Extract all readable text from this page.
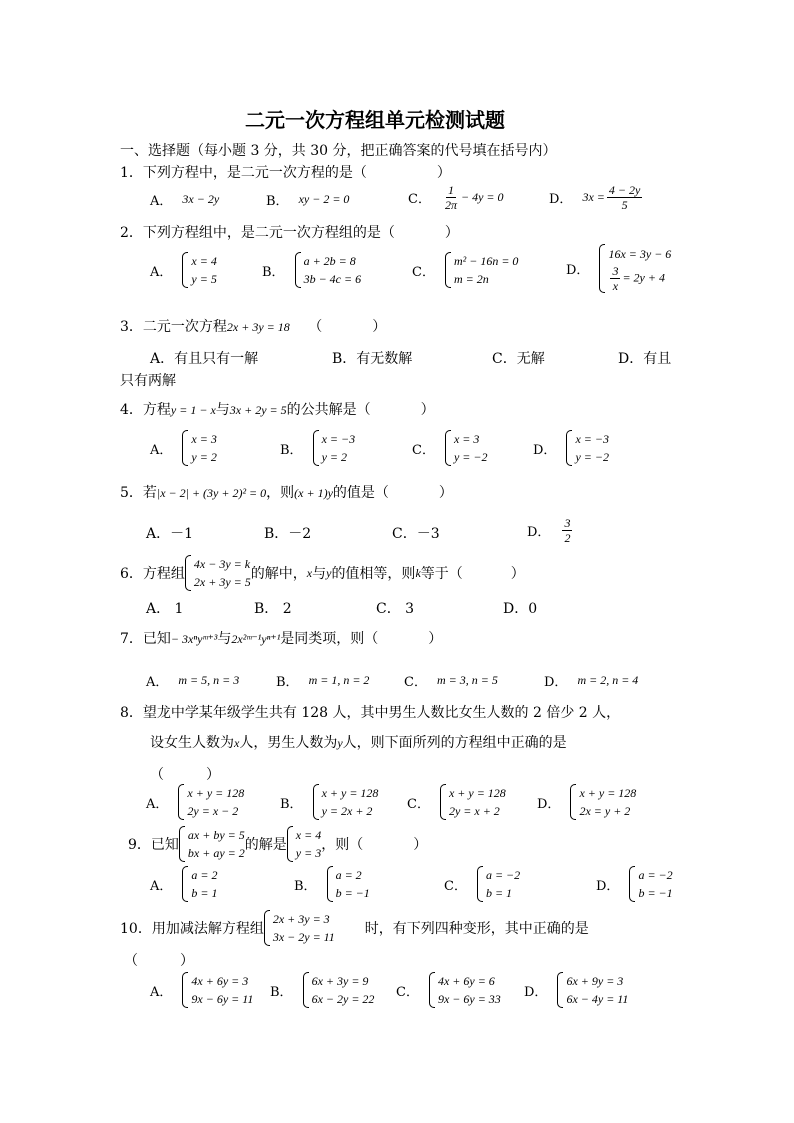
二元一次方程组单元检测试题
一、选择题（每小题 3 分，共 30 分，把正确答案的代号填在括号内）
1．下列方程中，是二元一次方程的是（	）
A． 3x − 2y	B． xy − 2 = 0	C． $\frac{1}{2\pi} - 4y = 0$	D． $3x = \frac{4 - 2y}{5}$
2．下列方程组中，是二元一次方程组的是（	）
A．
x = 4
y = 5	B．
a + 2b = 8
3b − 4c = 6	C．
m² − 16n = 0
m = 2n
D．
16x = 3y − 6
$\frac{3}{x} = 2y + 4$
3．二元一次方程2x + 3y = 18 （	）
A．有且只有一解	B．有无数解	C．无解	D．有且
只有两解
4．方程y = 1 − x与3x + 2y = 5的公共解是（	）
A．
x = 3
y = 2	B．
x = −3
y = 2	C．
x = 3
y = −2	D．
x = −3
y = −2
5．若|x − 2| + (3y + 2)² = 0，则(x + 1)y的值是（	）
A．－1	B．－2	C．－3	D． $\frac{3}{2}$
6．方程组
4x − 3y = k
2x + 3y = 5 的解中， x 与 y 的值相等，则 k 等于（	）
A． 1	B． 2	C． 3	D．0
7．已知− 3xⁿyᵐ⁺³与2x²ᵐ⁻¹yⁿ⁺¹是同类项，则（	）
A． m = 5, n = 3	B． m = 1, n = 2	C． m = 3, n = 5	D． m = 2, n = 4
8．望龙中学某年级学生共有 128 人，其中男生人数比女生人数的 2 倍少 2 人，
设女生人数为x人，男生人数为y人，则下面所列的方程组中正确的是
（　　　）
A．
x + y = 128
2y = x − 2	B．
x + y = 128
y = 2x + 2	C．
x + y = 128
2y = x + 2	D．
x + y = 128
2x = y + 2
9．已知
ax + by = 5
bx + ay = 2 的解是
x = 4
y = 3 ，则（	）
A．
a = 2
b = 1	B．
a = 2
b = −1	C．
a = −2
b = 1	D．
a = −2
b = −1
10．用加减法解方程组
2x + 3y = 3
3x − 2y = 11 时，有下列四种变形，其中正确的是
（　　　）
A．
4x + 6y = 3
9x − 6y = 11 B．
6x + 3y = 9
6x − 2y = 22 C．
4x + 6y = 6
9x − 6y = 33 D．
6x + 9y = 3
6x − 4y = 11
